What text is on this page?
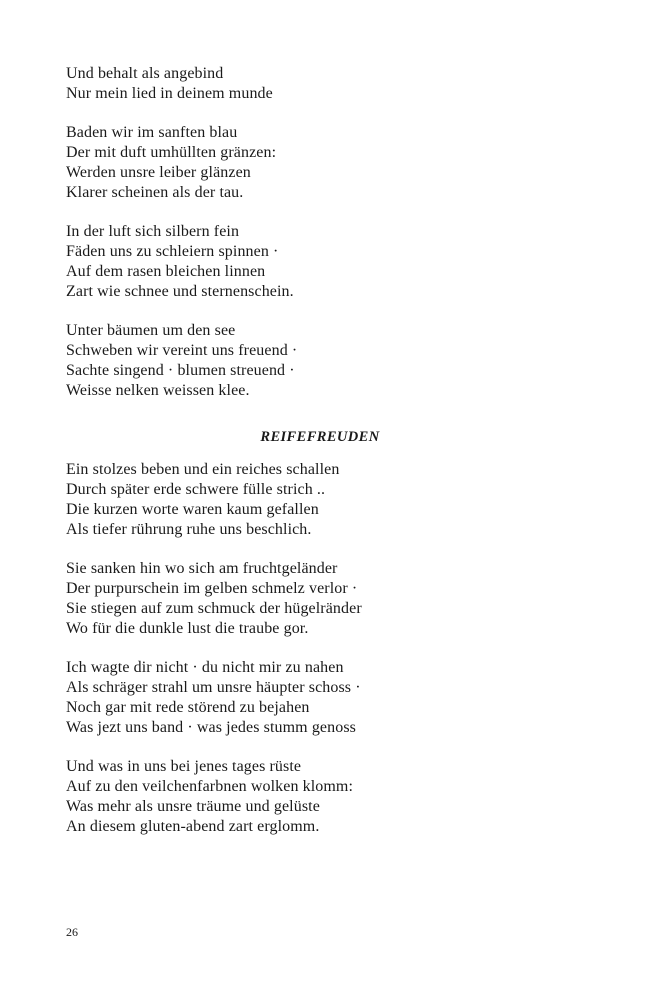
Und behalt als angebind
Nur mein lied in deinem munde
Baden wir im sanften blau
Der mit duft umhüllten gränzen:
Werden unsre leiber glänzen
Klarer scheinen als der tau.
In der luft sich silbern fein
Fäden uns zu schleiern spinnen ·
Auf dem rasen bleichen linnen
Zart wie schnee und sternenschein.
Unter bäumen um den see
Schweben wir vereint uns freuend ·
Sachte singend · blumen streuend ·
Weisse nelken weissen klee.
REIFEFREUDEN
Ein stolzes beben und ein reiches schallen
Durch später erde schwere fülle strich ..
Die kurzen worte waren kaum gefallen
Als tiefer rührung ruhe uns beschlich.
Sie sanken hin wo sich am fruchtgeländer
Der purpurschein im gelben schmelz verlor ·
Sie stiegen auf zum schmuck der hügelränder
Wo für die dunkle lust die traube gor.
Ich wagte dir nicht · du nicht mir zu nahen
Als schräger strahl um unsre häupter schoss ·
Noch gar mit rede störend zu bejahen
Was jezt uns band · was jedes stumm genoss
Und was in uns bei jenes tages rüste
Auf zu den veilchenfarbnen wolken klomm:
Was mehr als unsre träume und gelüste
An diesem gluten-abend zart erglomm.
26
